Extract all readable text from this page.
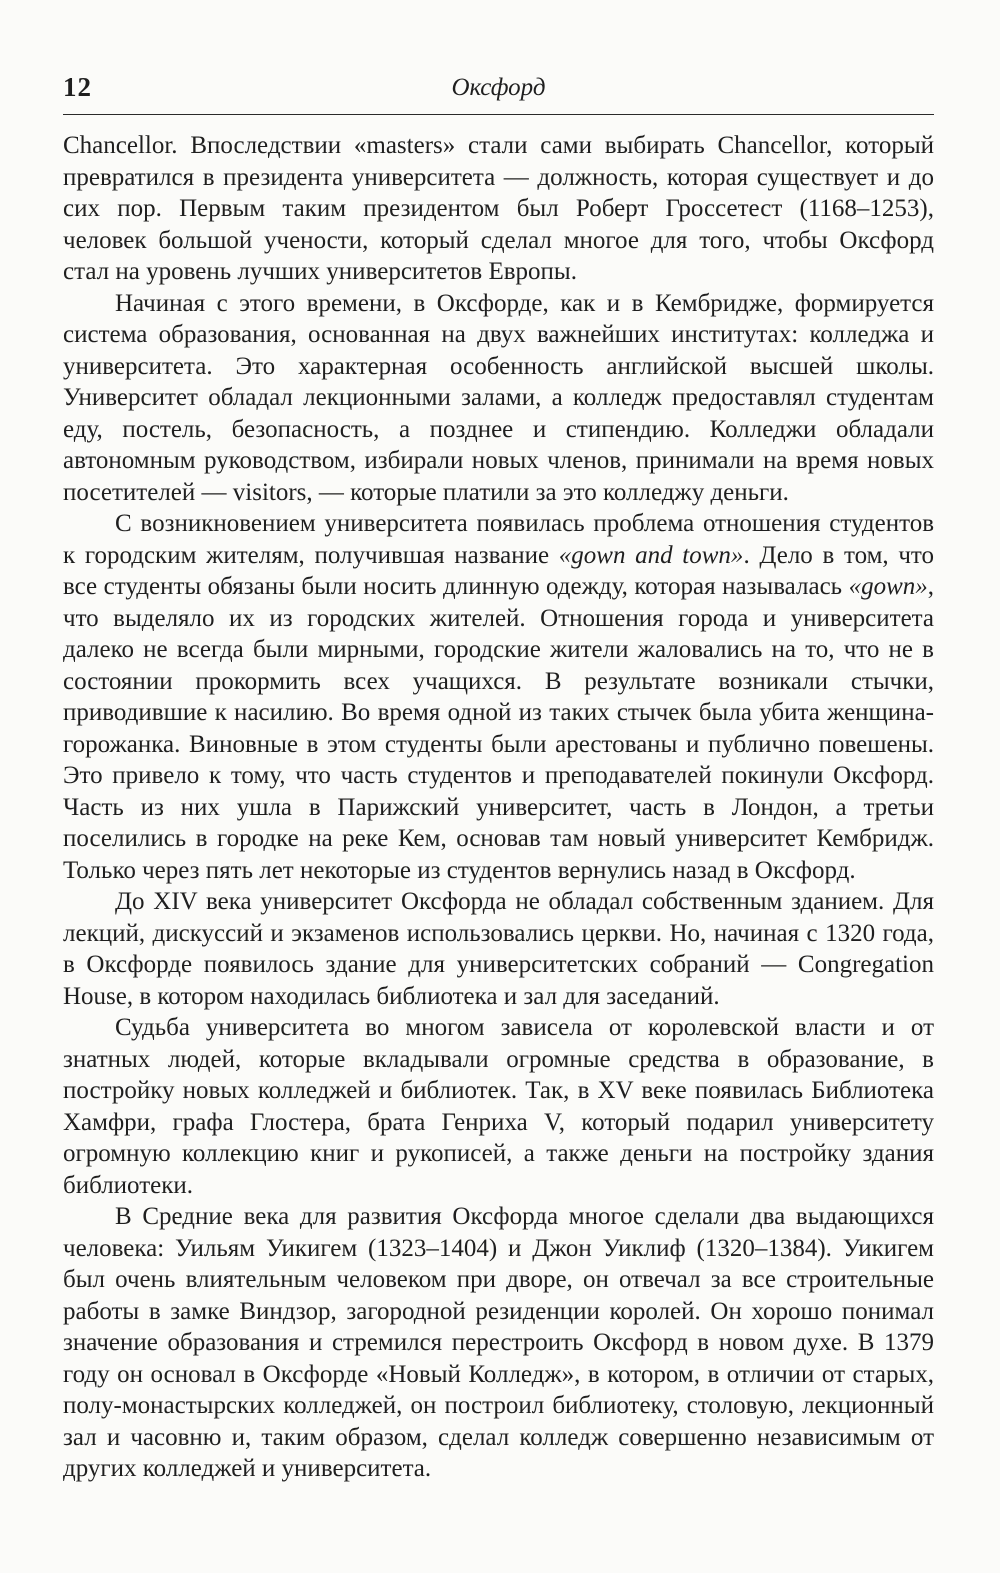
12	Оксфорд

Chancellor. Впоследствии «masters» стали сами выбирать Chancellor, который превратился в президента университета — должность, которая существует и до сих пор. Первым таким президентом был Роберт Гроссетест (1168–1253), человек большой учености, который сделал многое для того, чтобы Оксфорд стал на уровень лучших университетов Европы.

Начиная с этого времени, в Оксфорде, как и в Кембридже, формируется система образования, основанная на двух важнейших институтах: колледжа и университета. Это характерная особенность английской высшей школы. Университет обладал лекционными залами, а колледж предоставлял студентам еду, постель, безопасность, а позднее и стипендию. Колледжи обладали автономным руководством, избирали новых членов, принимали на время новых посетителей — visitors, — которые платили за это колледжу деньги.

С возникновением университета появилась проблема отношения студентов к городским жителям, получившая название «gown and town». Дело в том, что все студенты обязаны были носить длинную одежду, которая называлась «gown», что выделяло их из городских жителей. Отношения города и университета далеко не всегда были мирными, городские жители жаловались на то, что не в состоянии прокормить всех учащихся. В результате возникали стычки, приводившие к насилию. Во время одной из таких стычек была убита женщина-горожанка. Виновные в этом студенты были арестованы и публично повешены. Это привело к тому, что часть студентов и преподавателей покинули Оксфорд. Часть из них ушла в Парижский университет, часть в Лондон, а третьи поселились в городке на реке Кем, основав там новый университет Кембридж. Только через пять лет некоторые из студентов вернулись назад в Оксфорд.

До XIV века университет Оксфорда не обладал собственным зданием. Для лекций, дискуссий и экзаменов использовались церкви. Но, начиная с 1320 года, в Оксфорде появилось здание для университетских собраний — Congregation House, в котором находилась библиотека и зал для заседаний.

Судьба университета во многом зависела от королевской власти и от знатных людей, которые вкладывали огромные средства в образование, в постройку новых колледжей и библиотек. Так, в XV веке появилась Библиотека Хамфри, графа Глостера, брата Генриха V, который подарил университету огромную коллекцию книг и рукописей, а также деньги на постройку здания библиотеки.

В Средние века для развития Оксфорда многое сделали два выдающихся человека: Уильям Уикигем (1323–1404) и Джон Уиклиф (1320–1384). Уикигем был очень влиятельным человеком при дворе, он отвечал за все строительные работы в замке Виндзор, загородной резиденции королей. Он хорошо понимал значение образования и стремился перестроить Оксфорд в новом духе. В 1379 году он основал в Оксфорде «Новый Колледж», в котором, в отличии от старых, полу-монастырских колледжей, он построил библиотеку, столовую, лекционный зал и часовню и, таким образом, сделал колледж совершенно независимым от других колледжей и университета.
